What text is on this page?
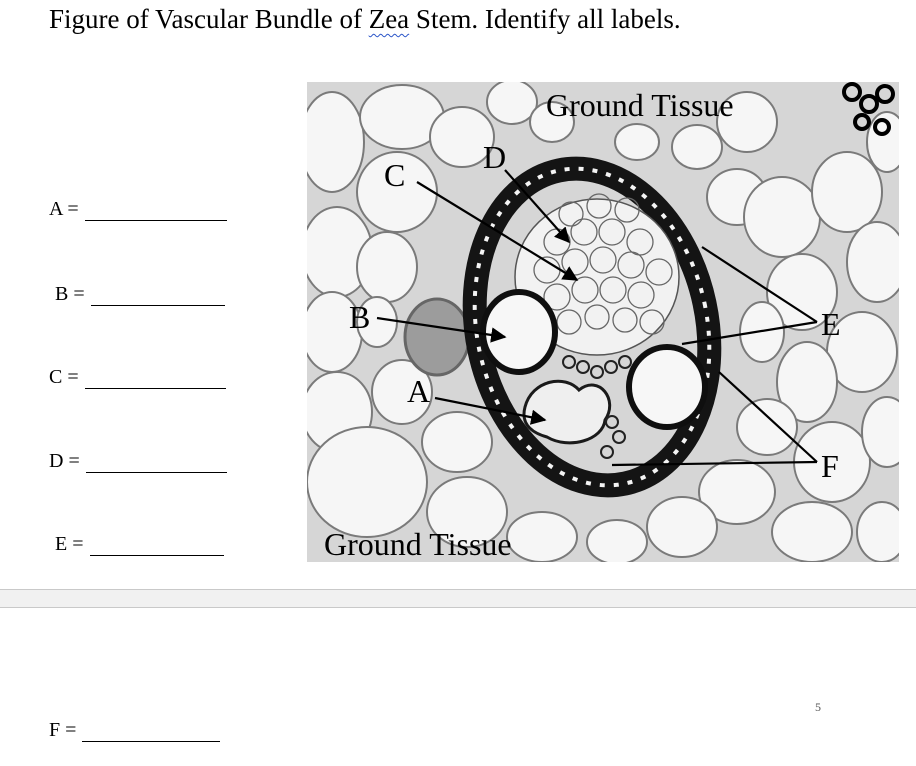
Figure of Vascular Bundle of Zea Stem. Identify all labels.
A =
B =
C =
D =
E =
F =
Ground Tissue
Ground Tissue
C D
B
A
E
F
5
